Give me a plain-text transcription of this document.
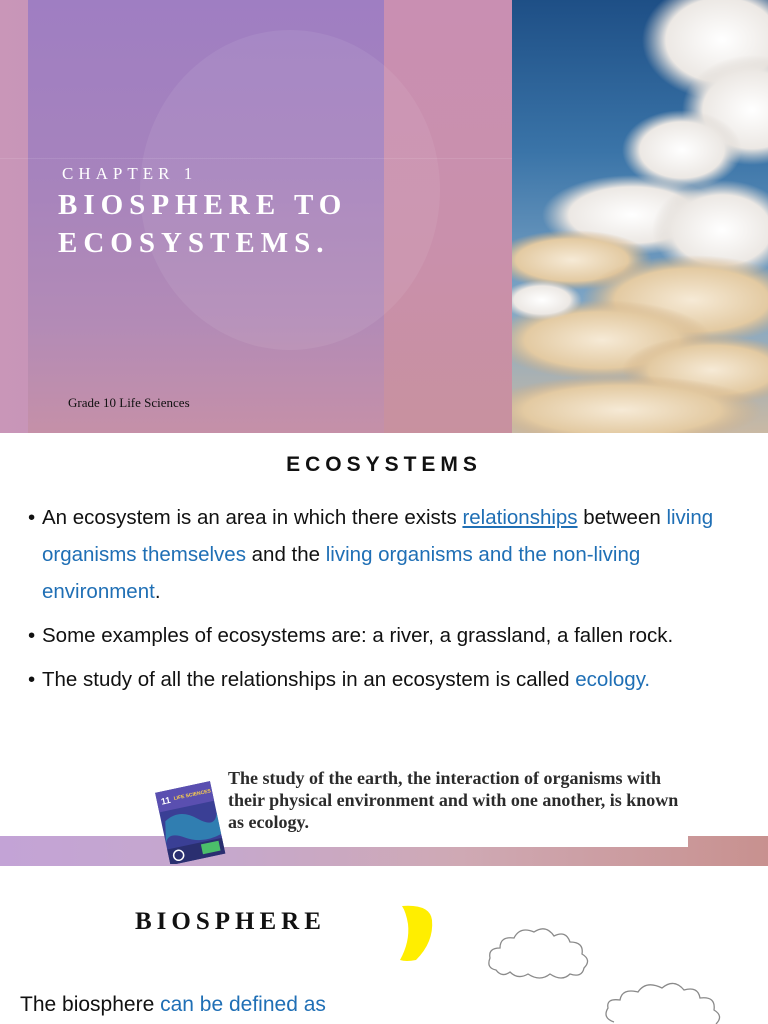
CHAPTER 1
BIOSPHERE TO ECOSYSTEMS.
Grade 10 Life Sciences
ECOSYSTEMS
• An ecosystem is an area in which there exists relationships between living organisms themselves and the living organisms and the non-living environment.
• Some examples of ecosystems are: a river, a grassland, a fallen rock.
• The study of all the relationships in an ecosystem is called ecology.
The study of the earth, the interaction of organisms with their physical environment and with one another, is known as ecology.
11 LIFE SCIENCES
BIOSPHERE
The biosphere can be defined as
